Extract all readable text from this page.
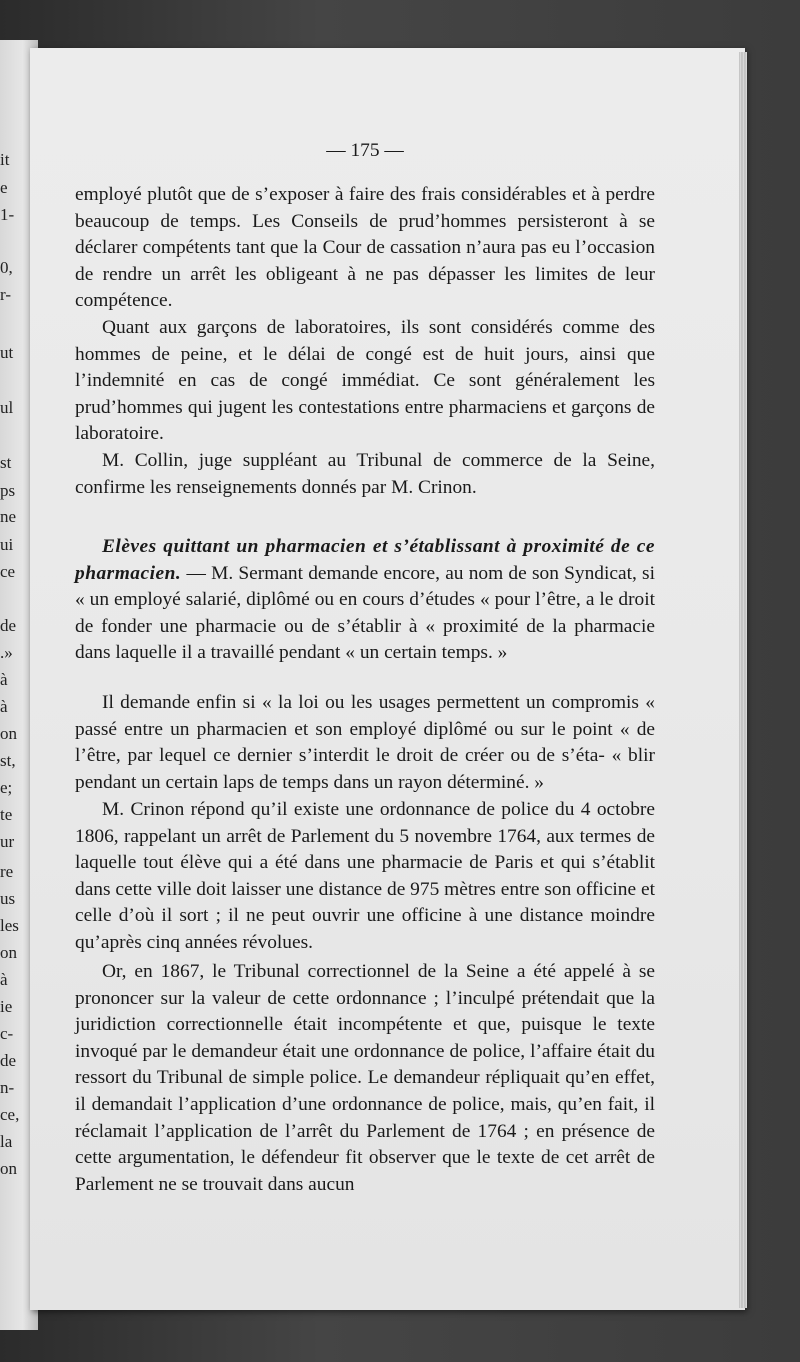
it
e
1-
0,
r-
ut
ul
st
ps
ne
ui
ce
de
.»
à
à
on
st,
e;
te
ur
re
us
les
on
à
ie
c-
de
n-
ce,
la
on
— 175 —

employé plutôt que de s’exposer à faire des frais considérables et à perdre beaucoup de temps. Les Conseils de prud’hommes persisteront à se déclarer compétents tant que la Cour de cassation n’aura pas eu l’occasion de rendre un arrêt les obligeant à ne pas dépasser les limites de leur compétence.

Quant aux garçons de laboratoires, ils sont considérés comme des hommes de peine, et le délai de congé est de huit jours, ainsi que l’indemnité en cas de congé immédiat. Ce sont généralement les prud’hommes qui jugent les contestations entre pharmaciens et garçons de laboratoire.

M. Collin, juge suppléant au Tribunal de commerce de la Seine, confirme les renseignements donnés par M. Crinon.

Elèves quittant un pharmacien et s’établissant à proximité de ce pharmacien. — M. Sermant demande encore, au nom de son Syndicat, si « un employé salarié, diplômé ou en cours d’études « pour l’être, a le droit de fonder une pharmacie ou de s’établir à « proximité de la pharmacie dans laquelle il a travaillé pendant « un certain temps. »

Il demande enfin si « la loi ou les usages permettent un compromis « passé entre un pharmacien et son employé diplômé ou sur le point « de l’être, par lequel ce dernier s’interdit le droit de créer ou de s’éta- « blir pendant un certain laps de temps dans un rayon déterminé. »

M. Crinon répond qu’il existe une ordonnance de police du 4 octobre 1806, rappelant un arrêt de Parlement du 5 novembre 1764, aux termes de laquelle tout élève qui a été dans une pharmacie de Paris et qui s’établit dans cette ville doit laisser une distance de 975 mètres entre son officine et celle d’où il sort ; il ne peut ouvrir une officine à une distance moindre qu’après cinq années révolues.

Or, en 1867, le Tribunal correctionnel de la Seine a été appelé à se prononcer sur la valeur de cette ordonnance ; l’inculpé prétendait que la juridiction correctionnelle était incompétente et que, puisque le texte invoqué par le demandeur était une ordonnance de police, l’affaire était du ressort du Tribunal de simple police. Le demandeur répliquait qu’en effet, il demandait l’application d’une ordonnance de police, mais, qu’en fait, il réclamait l’application de l’arrêt du Parlement de 1764 ; en présence de cette argumentation, le défendeur fit observer que le texte de cet arrêt de Parlement ne se trouvait dans aucun
